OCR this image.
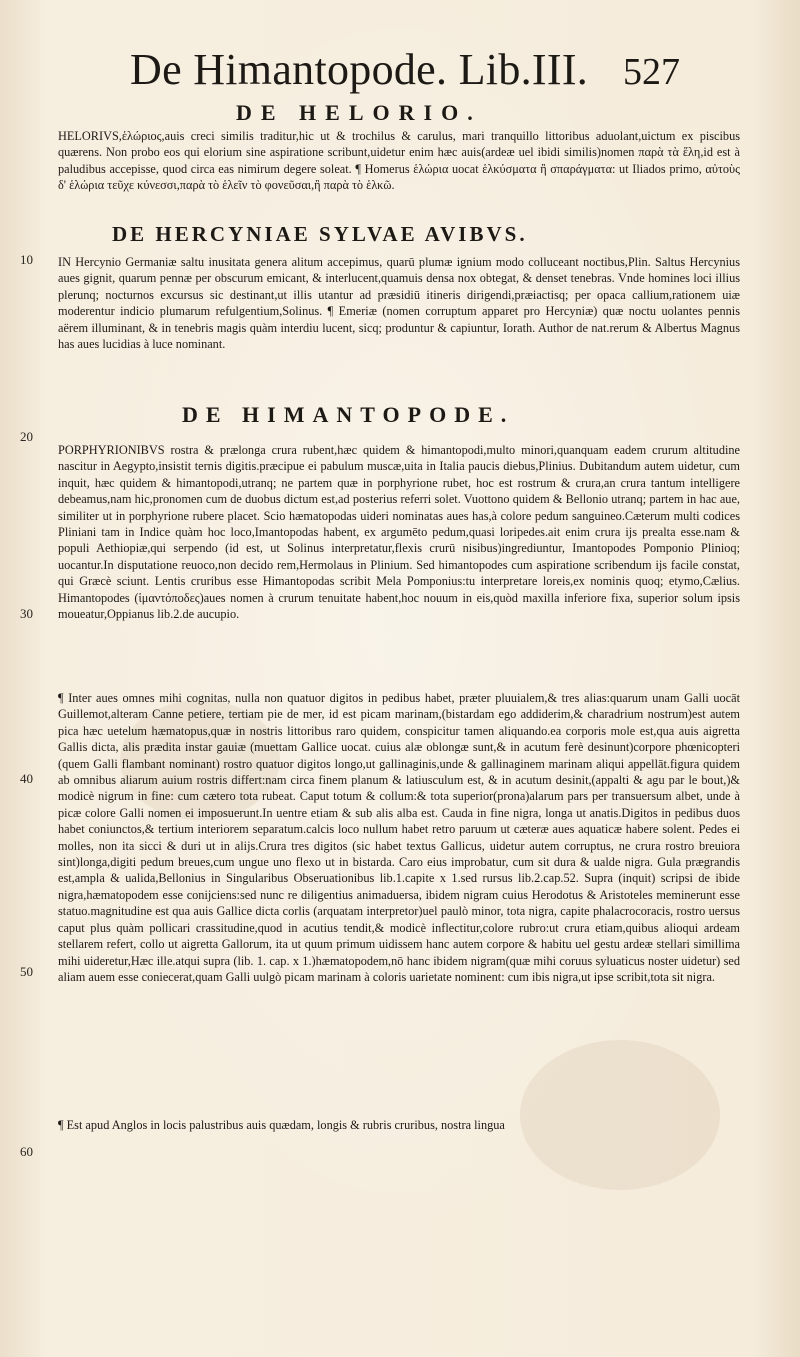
De Himantopode. Lib.III. 527
DE HELORIO.

HELORIVS,ἑλώριος,auis creci similis traditur,hic ut & trochilus & carulus, mari tranquillo littoribus aduolant,uictum ex piscibus quærens. Non probo eos qui elorium sine aspiratione scribunt,uidetur enim hæc auis(ardeæ uel ibidi similis)nomen παρὰ τὰ ἕλη,id est à paludibus accepisse, quod circa eas nimirum degere soleat. ¶ Homerus ἑλώρια uocat ἑλκύσματα ἢ σπαράγματα: ut Iliados primo, αὐτοὺς δ' ἑλώρια τεῦχε κύνεσσι,παρὰ τὸ ἑλεῖν τὸ φονεῦσαι,ἢ παρὰ τὸ ἑλκῶ.

DE HERCYNIAE SYLVAE AVIBVS.

IN Hercynio Germaniæ saltu inusitata genera alitum accepimus, quarū plumæ ignium modo colluceant noctibus,Plin. Saltus Hercynius aues gignit, quarum pennæ per obscurum emicant, & interlucent,quamuis densa nox obtegat, & denset tenebras. Vnde homines loci illius plerunq; nocturnos excursus sic destinant,ut illis utantur ad præsidiū itineris dirigendi,præiactisq; per opaca callium,rationem uiæ moderentur indicio plumarum refulgentium,Solinus. ¶ Emeriæ (nomen corruptum apparet pro Hercyniæ) quæ noctu uolantes pennis aërem illuminant, & in tenebris magis quàm interdiu lucent, sicq; produntur & capiuntur, Iorath. Author de nat.rerum & Albertus Magnus has aues lucidias à luce nominant.

DE HIMANTOPODE.

PORPHYRIONIBVS rostra & prælonga crura rubent,hæc quidem & himantopodi,multo minori,quanquam eadem crurum altitudine nascitur in Aegypto,insistit ternis digitis.præcipue ei pabulum muscæ,uita in Italia paucis diebus,Plinius. Dubitandum autem uidetur, cum inquit, hæc quidem & himantopodi,utranq; ne partem quæ in porphyrione rubet, hoc est rostrum & crura,an crura tantum intelligere debeamus,nam hic,pronomen cum de duobus dictum est,ad posterius referri solet. Vuottono quidem & Bellonio utranq; partem in hac aue, similiter ut in porphyrione rubere placet. Scio hæmatopodas uideri nominatas aues has,à colore pedum sanguineo.Cæterum multi codices Pliniani tam in Indice quàm hoc loco,Imantopodas habent, ex argumēto pedum,quasi loripedes.ait enim crura ijs prealta esse.nam & populi Aethiopiæ,qui serpendo (id est, ut Solinus interpretatur,flexis crurū nisibus)ingrediuntur, Imantopodes Pomponio Plinioq; uocantur.In disputatione reuoco,non decido rem,Hermolaus in Plinium. Sed himantopodes cum aspiratione scribendum ijs facile constat, qui Græcè sciunt. Lentis cruribus esse Himantopodas scribit Mela Pomponius:tu interpretare loreis,ex nominis quoq; etymo,Cælius. Himantopodes (ἱμαντόποδες)aues nomen à crurum tenuitate habent,hoc nouum in eis,quòd maxilla inferiore fixa, superior solum ipsis moueatur,Oppianus lib.2.de aucupio.

¶ Inter aues omnes mihi cognitas, nulla non quatuor digitos in pedibus habet, præter pluuialem,& tres alias:quarum unam Galli uocāt Guillemot,alteram Canne petiere, tertiam pie de mer, id est picam marinam,(bistardam ego addiderim,& charadrium nostrum)est autem pica hæc uetelum hæmatopus,quæ in nostris littoribus raro quidem, conspicitur tamen aliquando.ea corporis mole est,qua auis aigretta Gallis dicta, alis prædita instar gauiæ (muettam Gallice uocat. cuius alæ oblongæ sunt,& in acutum ferè desinunt)corpore phœnicopteri (quem Galli flambant nominant) rostro quatuor digitos longo,ut gallinaginis,unde & gallinaginem marinam aliqui appellāt.figura quidem ab omnibus aliarum auium rostris differt:nam circa finem planum & latiusculum est, & in acutum desinit,(appalti & agu par le bout,)& modicè nigrum in fine: cum cætero tota rubeat. Caput totum & collum:& tota superior(prona)alarum pars per transuersum albet, unde à picæ colore Galli nomen ei imposuerunt.In uentre etiam & sub alis alba est. Cauda in fine nigra, longa ut anatis.Digitos in pedibus duos habet coniunctos,& tertium interiorem separatum.calcis loco nullum habet retro paruum ut cæteræ aues aquaticæ habere solent. Pedes ei molles, non ita sicci & duri ut in alijs.Crura tres digitos (sic habet textus Gallicus, uidetur autem corruptus, ne crura rostro breuiora sint)longa,digiti pedum breues,cum ungue uno flexo ut in bistarda. Caro eius improbatur, cum sit dura & ualde nigra. Gula prægrandis est,ampla & ualida,Bellonius in Singularibus Obseruationibus lib.1.capite x 1.sed rursus lib.2.cap.52. Supra (inquit) scripsi de ibide nigra,hæmatopodem esse conijciens:sed nunc re diligentius animaduersa, ibidem nigram cuius Herodotus & Aristoteles meminerunt esse statuo.magnitudine est qua auis Gallice dicta corlis (arquatam interpretor)uel paulò minor, tota nigra, capite phalacrocoracis, rostro uersus caput plus quàm pollicari crassitudine,quod in acutius tendit,& modicè inflectitur,colore rubro:ut crura etiam,quibus alioqui ardeam stellarem refert, collo ut aigretta Gallorum, ita ut quum primum uidissem hanc autem corpore & habitu uel gestu ardeæ stellari simillima mihi uideretur,Hæc ille.atqui supra (lib. 1. cap. x 1.)hæmatopodem,nō hanc ibidem nigram(quæ mihi coruus syluaticus noster uidetur) sed aliam auem esse coniecerat,quam Galli uulgò picam marinam à coloris uarietate nominent: cum ibis nigra,ut ipse scribit,tota sit nigra.

¶ Est apud Anglos in locis palustribus auis quædam, longis & rubris cruribus, nostra lingua

10
20
30
40
50
60
